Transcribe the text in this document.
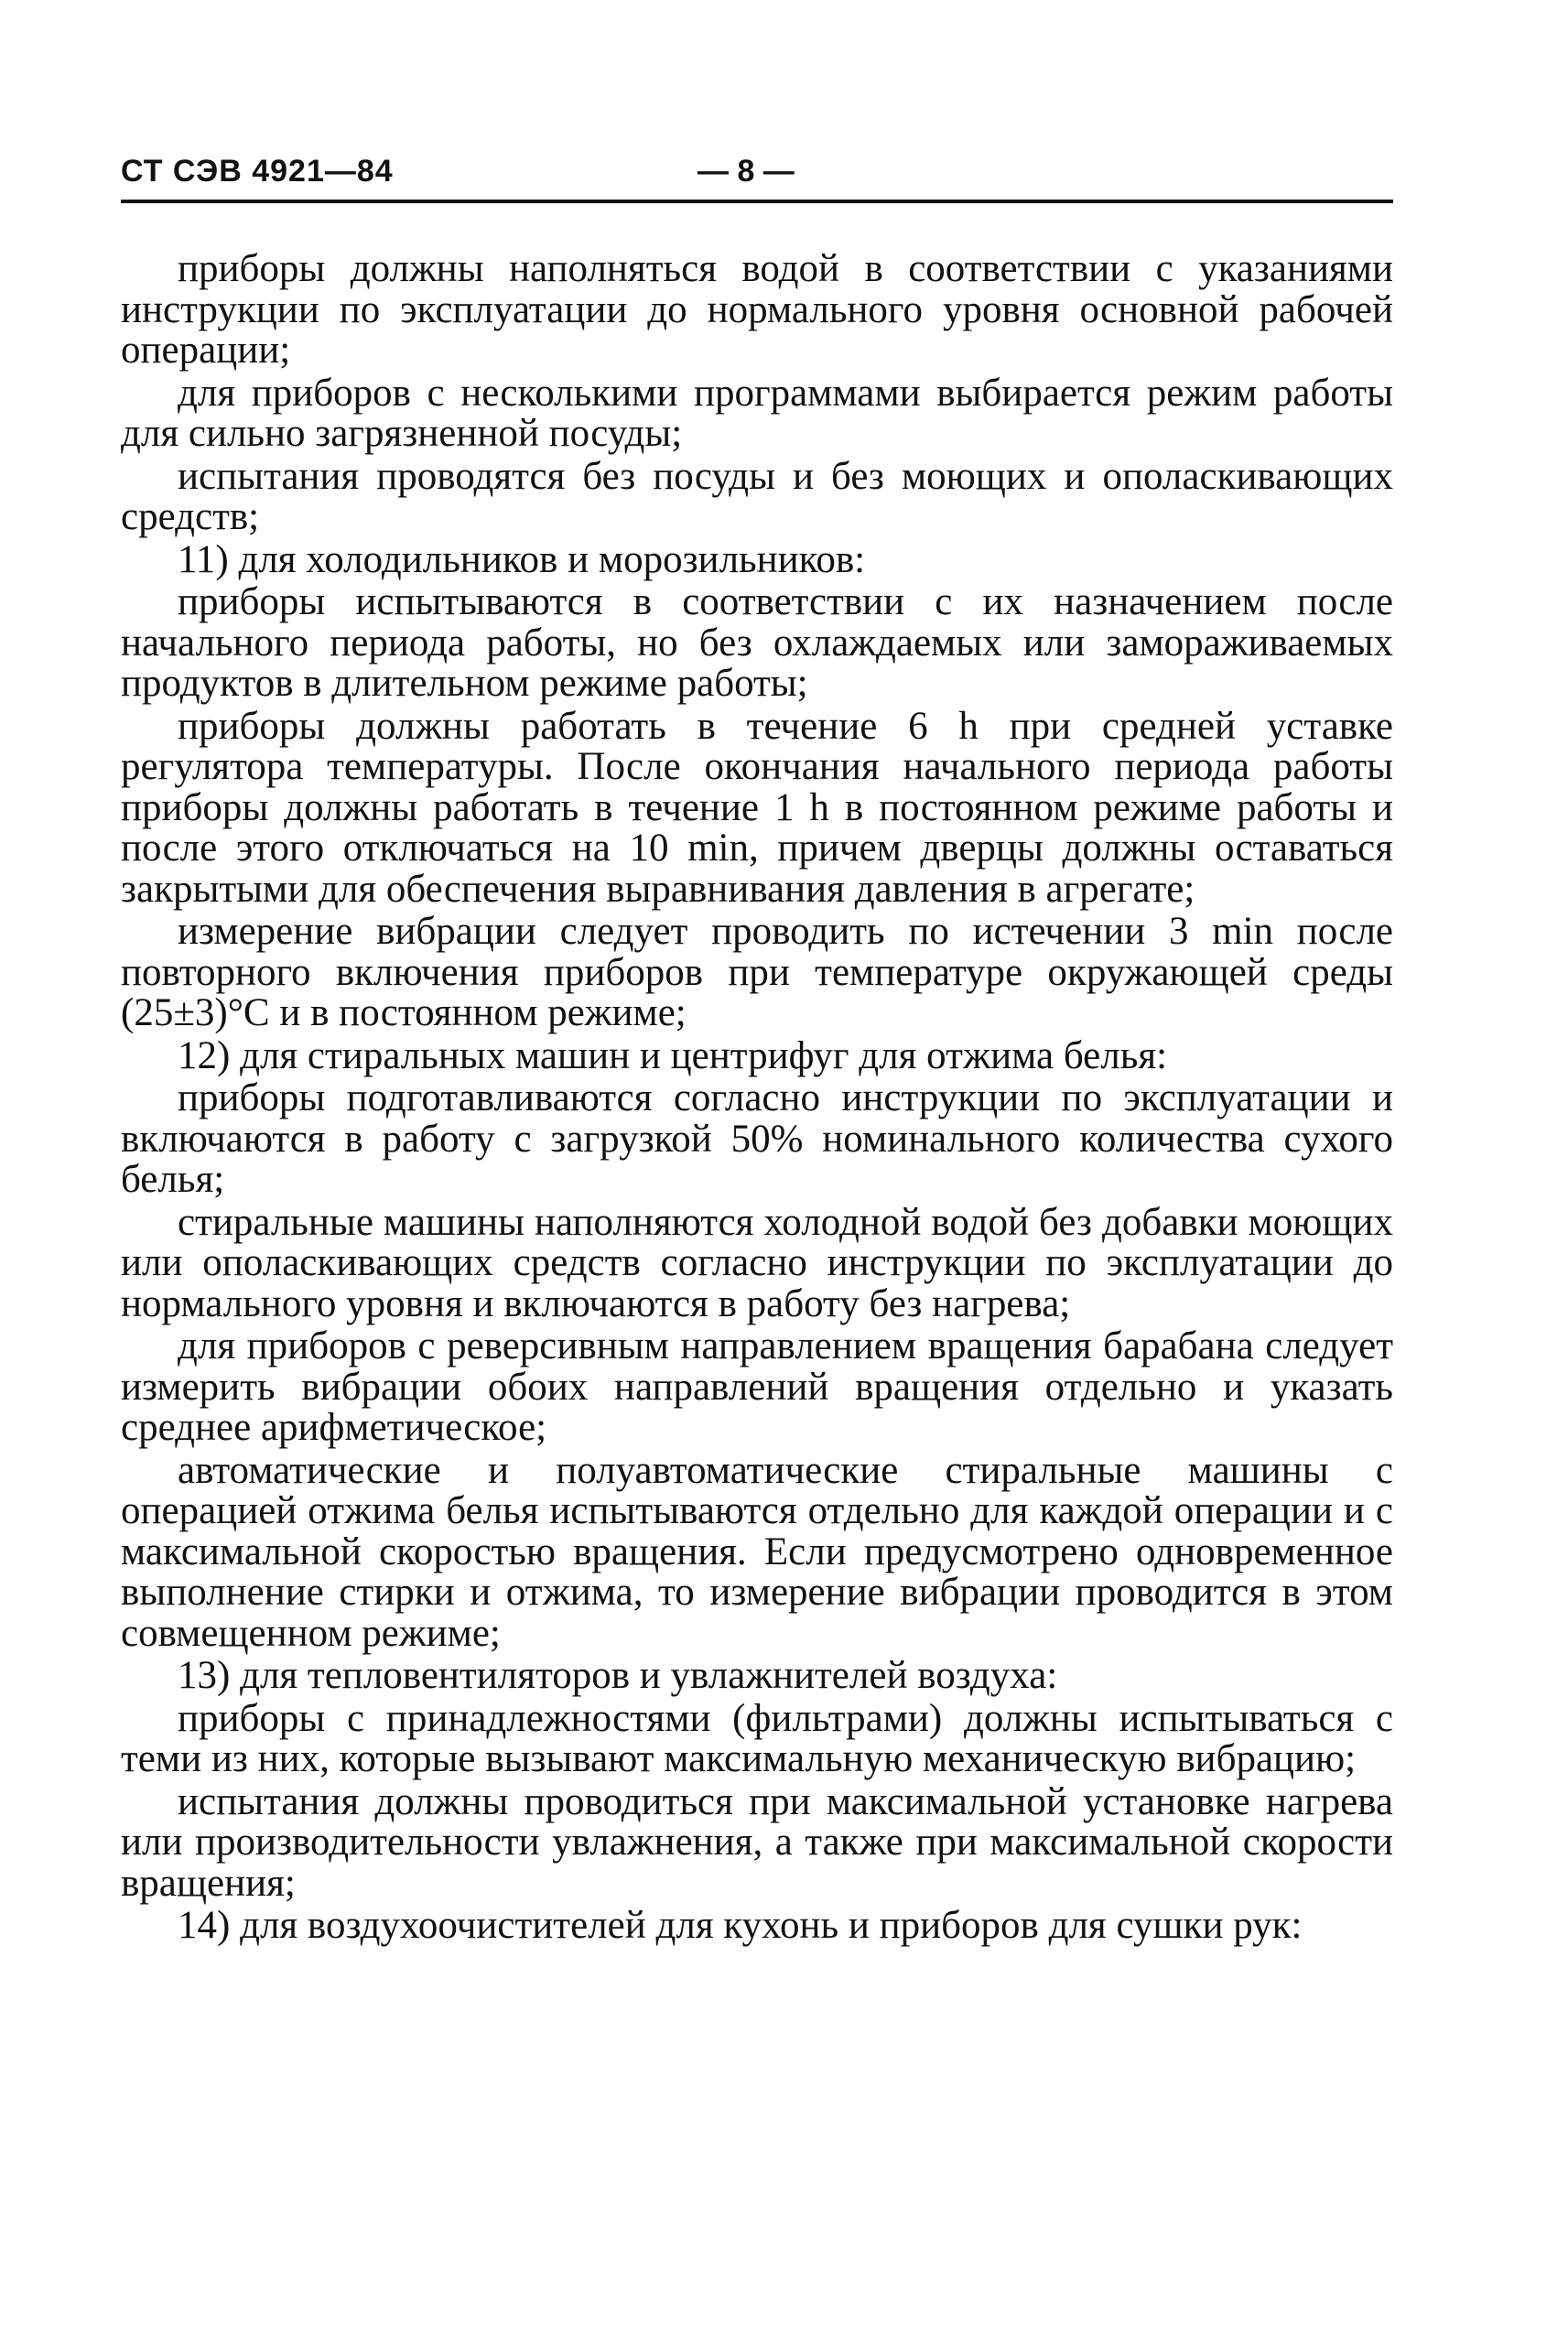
СТ СЭВ 4921—84	— 8 —

приборы должны наполняться водой в соответствии с указаниями инструкции по эксплуатации до нормального уровня основной рабочей операции;

для приборов с несколькими программами выбирается режим работы для сильно загрязненной посуды;

испытания проводятся без посуды и без моющих и ополаскивающих средств;

11) для холодильников и морозильников:

приборы испытываются в соответствии с их назначением после начального периода работы, но без охлаждаемых или замораживаемых продуктов в длительном режиме работы;

приборы должны работать в течение 6 h при средней уставке регулятора температуры. После окончания начального периода работы приборы должны работать в течение 1 h в постоянном режиме работы и после этого отключаться на 10 min, причем дверцы должны оставаться закрытыми для обеспечения выравнивания давления в агрегате;

измерение вибрации следует проводить по истечении 3 min после повторного включения приборов при температуре окружающей среды (25±3)°С и в постоянном режиме;

12) для стиральных машин и центрифуг для отжима белья:

приборы подготавливаются согласно инструкции по эксплуатации и включаются в работу с загрузкой 50% номинального количества сухого белья;

стиральные машины наполняются холодной водой без добавки моющих или ополаскивающих средств согласно инструкции по эксплуатации до нормального уровня и включаются в работу без нагрева;

для приборов с реверсивным направлением вращения барабана следует измерить вибрации обоих направлений вращения отдельно и указать среднее арифметическое;

автоматические и полуавтоматические стиральные машины с операцией отжима белья испытываются отдельно для каждой операции и с максимальной скоростью вращения. Если предусмотрено одновременное выполнение стирки и отжима, то измерение вибрации проводится в этом совмещенном режиме;

13) для тепловентиляторов и увлажнителей воздуха:

приборы с принадлежностями (фильтрами) должны испытываться с теми из них, которые вызывают максимальную механическую вибрацию;

испытания должны проводиться при максимальной установке нагрева или производительности увлажнения, а также при максимальной скорости вращения;

14) для воздухоочистителей для кухонь и приборов для сушки рук:
